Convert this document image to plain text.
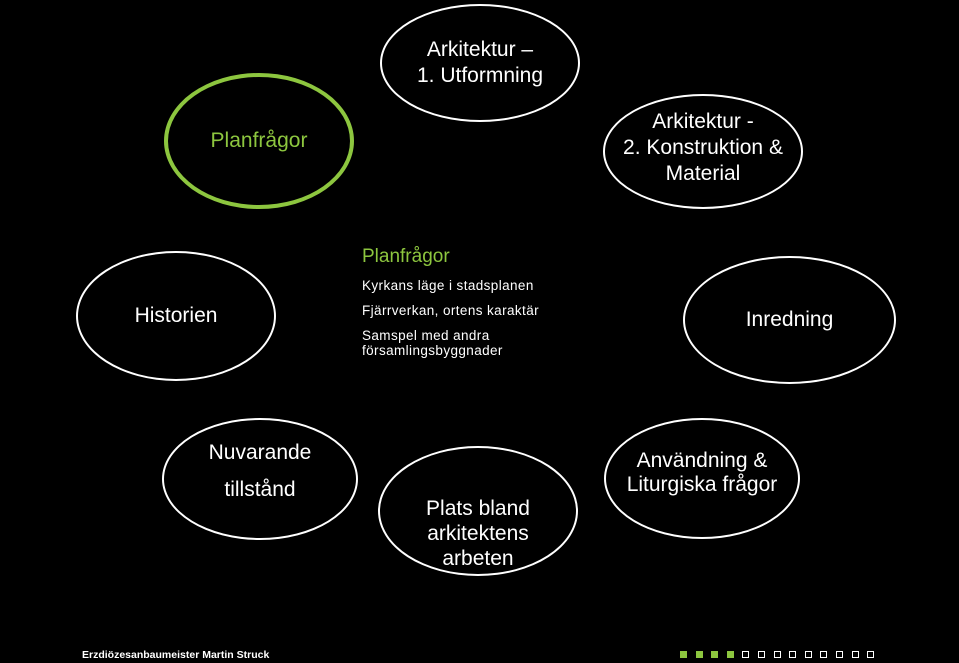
Arkitektur –
1. Utformning
Planfrågor
Arkitektur -
2. Konstruktion &
Material
Historien	Inredning
Nuvarande
tillstånd
Plats bland
arkitektens
arbeten
Användning &
Liturgiska frågor
Planfrågor
Kyrkans läge i stadsplanen
Fjärrverkan, ortens karaktär
Samspel med andra
församlingsbyggnader
Erzdiözesanbaumeister Martin Struck
